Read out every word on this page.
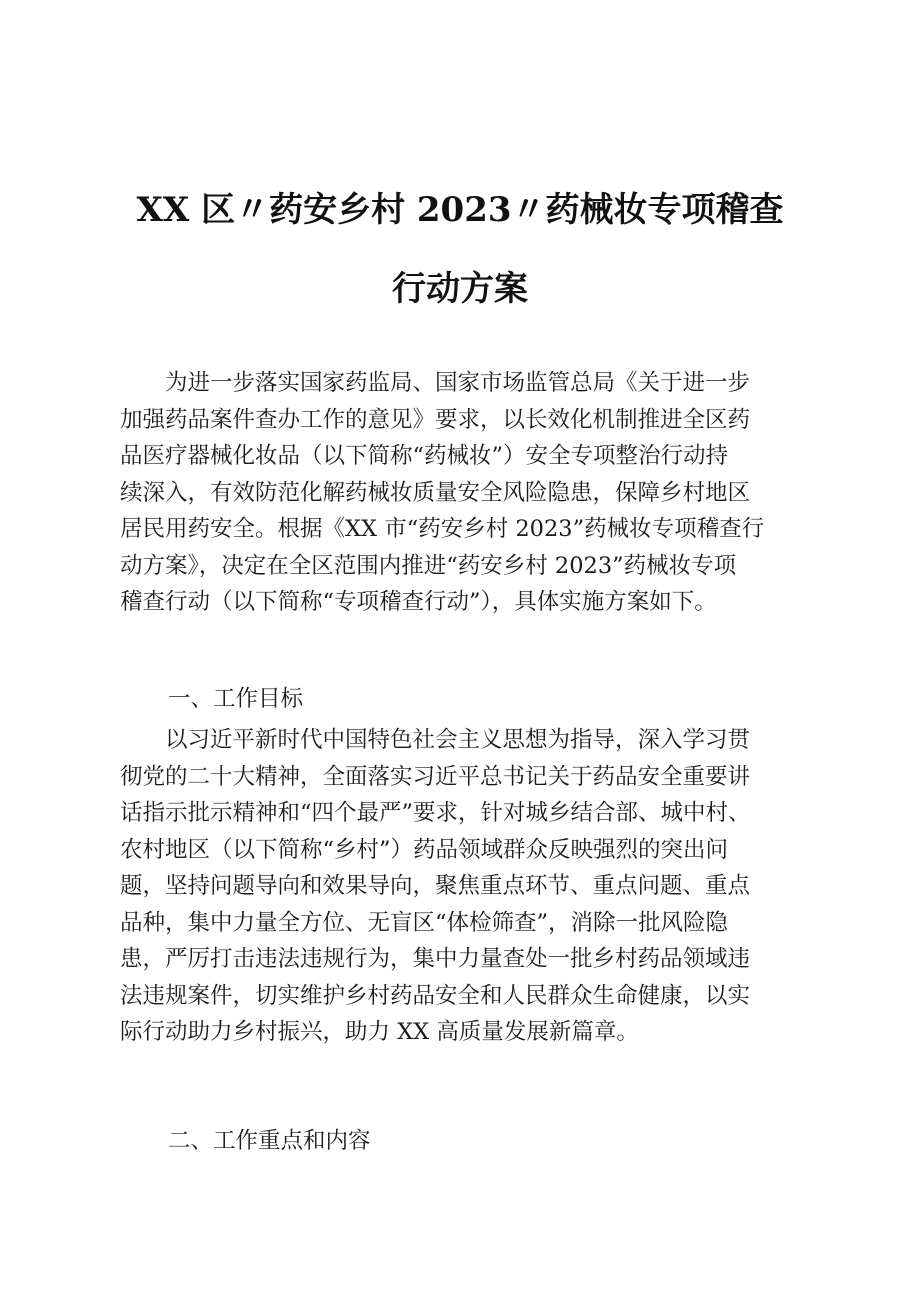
XX 区〃药安乡村 2023〃药械妆专项稽查
行动方案
　　为进一步落实国家药监局、国家市场监管总局《关于进一步
加强药品案件查办工作的意见》要求，以长效化机制推进全区药
品医疗器械化妆品（以下简称“药械妆”）安全专项整治行动持
续深入，有效防范化解药械妆质量安全风险隐患，保障乡村地区
居民用药安全。根据《XX 市“药安乡村 2023”药械妆专项稽查行
动方案》，决定在全区范围内推进“药安乡村 2023”药械妆专项
稽查行动（以下简称“专项稽查行动”），具体实施方案如下。
一、工作目标
　　以习近平新时代中国特色社会主义思想为指导，深入学习贯
彻党的二十大精神，全面落实习近平总书记关于药品安全重要讲
话指示批示精神和“四个最严”要求，针对城乡结合部、城中村、
农村地区（以下简称“乡村”）药品领域群众反映强烈的突出问
题，坚持问题导向和效果导向，聚焦重点环节、重点问题、重点
品种，集中力量全方位、无盲区“体检筛查”，消除一批风险隐
患，严厉打击违法违规行为，集中力量查处一批乡村药品领域违
法违规案件，切实维护乡村药品安全和人民群众生命健康，以实
际行动助力乡村振兴，助力 XX 高质量发展新篇章。
二、工作重点和内容
